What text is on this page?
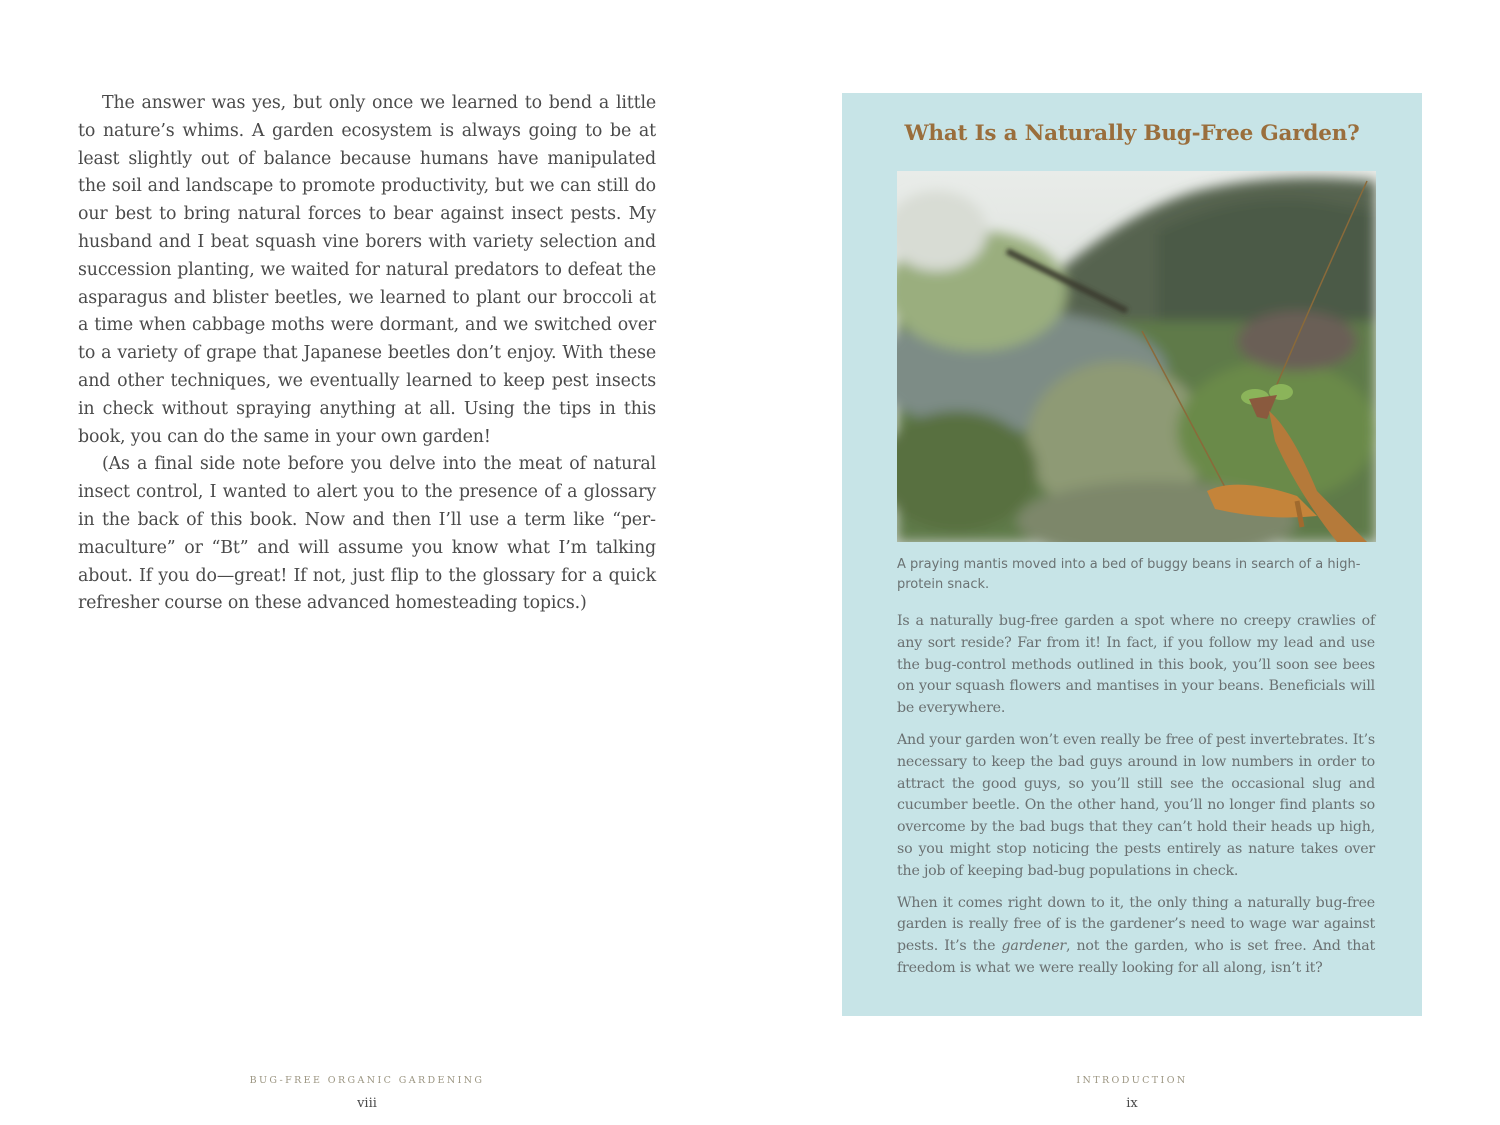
The answer was yes, but only once we learned to bend a little to nature’s whims. A garden ecosystem is always going to be at least slightly out of balance because humans have manipulated the soil and landscape to promote productivity, but we can still do our best to bring natural forces to bear against insect pests. My husband and I beat squash vine borers with variety selection and succession planting, we waited for natural predators to defeat the asparagus and blister beetles, we learned to plant our broccoli at a time when cabbage moths were dormant, and we switched over to a variety of grape that Japanese beetles don’t enjoy. With these and other techniques, we eventually learned to keep pest insects in check without spraying anything at all. Using the tips in this book, you can do the same in your own garden!

(As a final side note before you delve into the meat of natural insect control, I wanted to alert you to the presence of a glossary in the back of this book. Now and then I’ll use a term like “permaculture” or “Bt” and will assume you know what I’m talking about. If you do—great! If not, just flip to the glossary for a quick refresher course on these advanced homesteading topics.)

BUG-FREE ORGANIC GARDENING
viii
What Is a Naturally Bug-Free Garden?
A praying mantis moved into a bed of buggy beans in search of a high-protein snack.

Is a naturally bug-free garden a spot where no creepy crawlies of any sort reside? Far from it! In fact, if you follow my lead and use the bug-control methods outlined in this book, you’ll soon see bees on your squash flowers and mantises in your beans. Beneficials will be everywhere.

And your garden won’t even really be free of pest invertebrates. It’s necessary to keep the bad guys around in low numbers in order to attract the good guys, so you’ll still see the occasional slug and cucumber beetle. On the other hand, you’ll no longer find plants so overcome by the bad bugs that they can’t hold their heads up high, so you might stop noticing the pests entirely as nature takes over the job of keeping bad-bug populations in check.

When it comes right down to it, the only thing a naturally bug-free garden is really free of is the gardener’s need to wage war against pests. It’s the gardener, not the garden, who is set free. And that freedom is what we were really looking for all along, isn’t it?

INTRODUCTION
ix
